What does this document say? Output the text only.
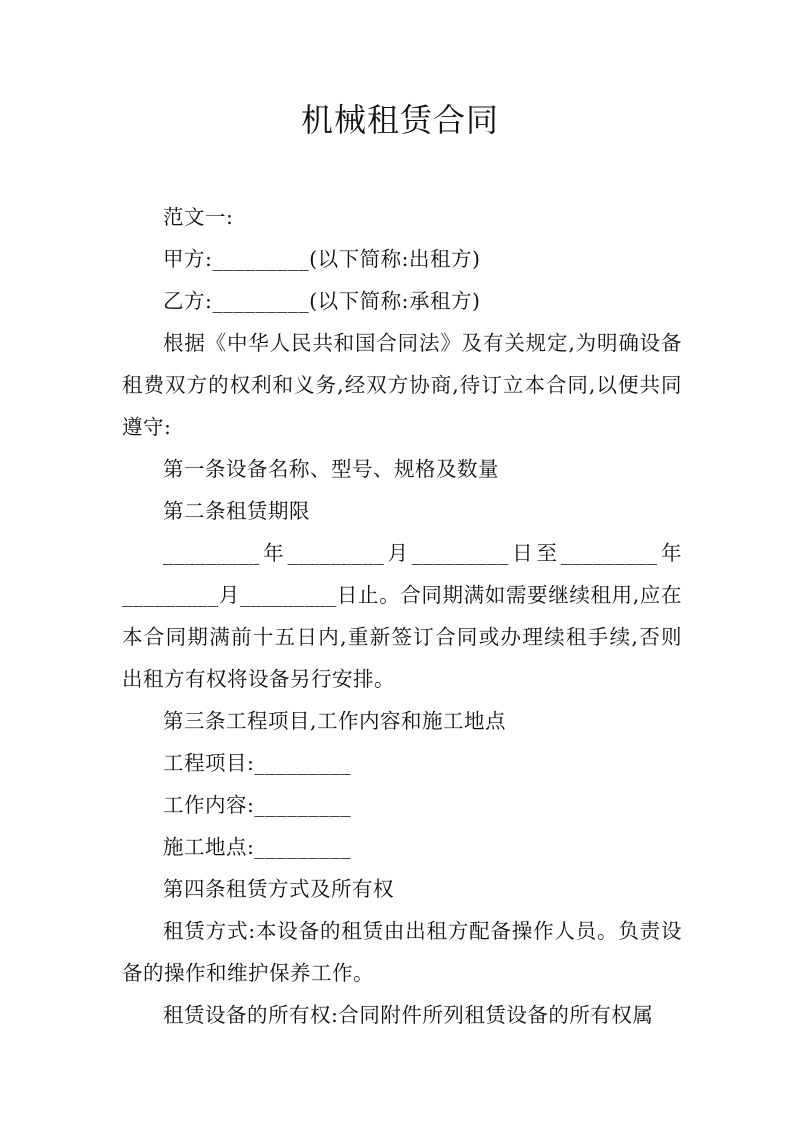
机械租赁合同

范文一:

甲方:_________(以下简称:出租方)

乙方:_________(以下简称:承租方)

根据《中华人民共和国合同法》及有关规定,为明确设备租费双方的权利和义务,经双方协商,待订立本合同,以便共同遵守:

第一条设备名称、型号、规格及数量

第二条租赁期限

_________年_________月_________日至_________年_________月_________日止。合同期满如需要继续租用,应在本合同期满前十五日内,重新签订合同或办理续租手续,否则出租方有权将设备另行安排。

第三条工程项目,工作内容和施工地点

工程项目:_________

工作内容:_________

施工地点:_________

第四条租赁方式及所有权

租赁方式:本设备的租赁由出租方配备操作人员。负责设备的操作和维护保养工作。

租赁设备的所有权:合同附件所列租赁设备的所有权属
